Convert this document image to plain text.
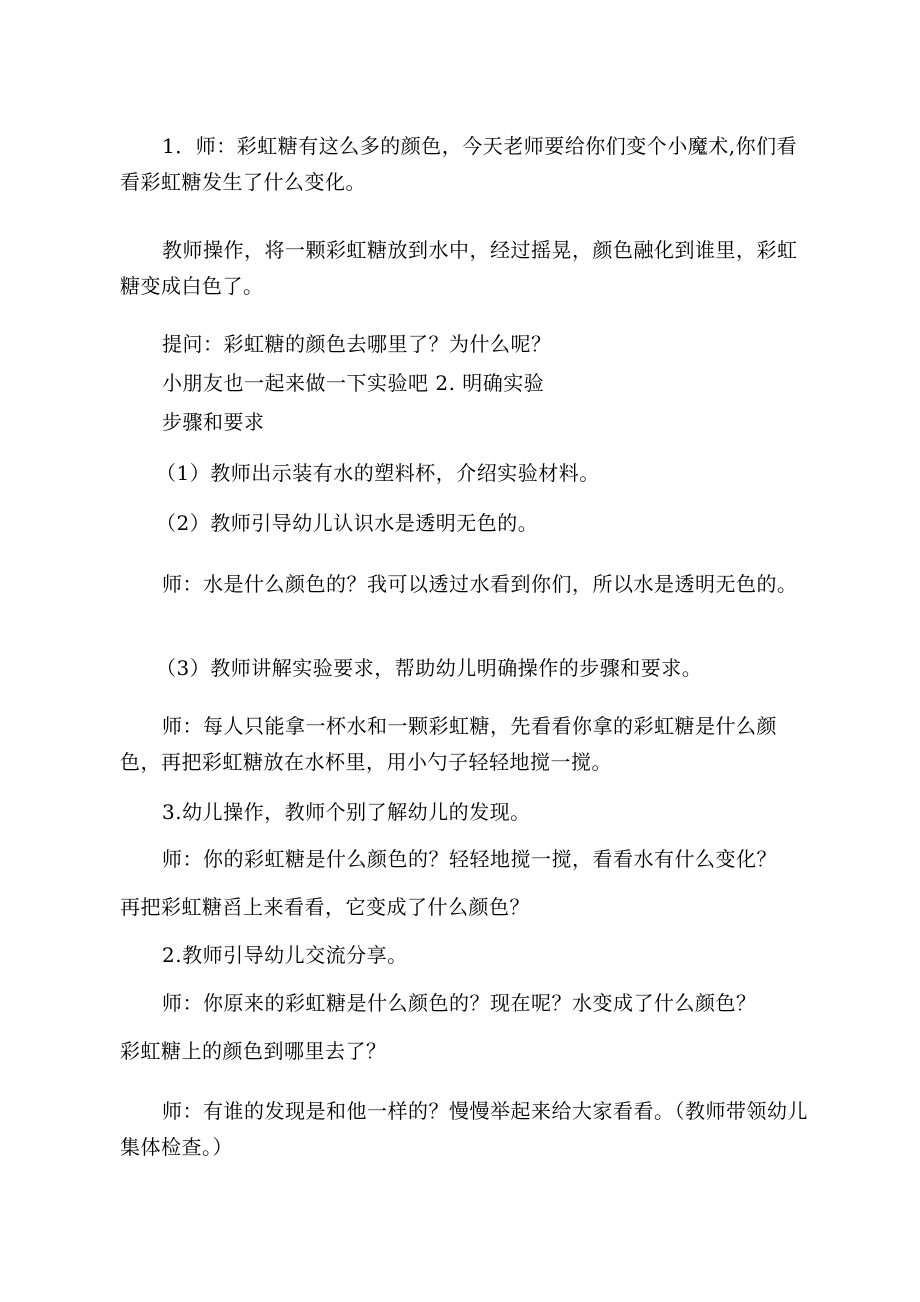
1．师：彩虹糖有这么多的颜色，今天老师要给你们变个小魔术,你们看看彩虹糖发生了什么变化。
教师操作，将一颗彩虹糖放到水中，经过摇晃，颜色融化到谁里，彩虹糖变成白色了。
提问：彩虹糖的颜色去哪里了？为什么呢？
小朋友也一起来做一下实验吧 2. 明确实验
步骤和要求
（1）教师出示装有水的塑料杯，介绍实验材料。
（2）教师引导幼儿认识水是透明无色的。
师：水是什么颜色的？我可以透过水看到你们，所以水是透明无色的。
（3）教师讲解实验要求，帮助幼儿明确操作的步骤和要求。
师：每人只能拿一杯水和一颗彩虹糖，先看看你拿的彩虹糖是什么颜色，再把彩虹糖放在水杯里，用小勺子轻轻地搅一搅。
3.幼儿操作，教师个别了解幼儿的发现。
师：你的彩虹糖是什么颜色的？轻轻地搅一搅，看看水有什么变化？
再把彩虹糖舀上来看看，它变成了什么颜色？
2.教师引导幼儿交流分享。
师：你原来的彩虹糖是什么颜色的？现在呢？水变成了什么颜色？
彩虹糖上的颜色到哪里去了？
师：有谁的发现是和他一样的？慢慢举起来给大家看看。（教师带领幼儿集体检查。）
